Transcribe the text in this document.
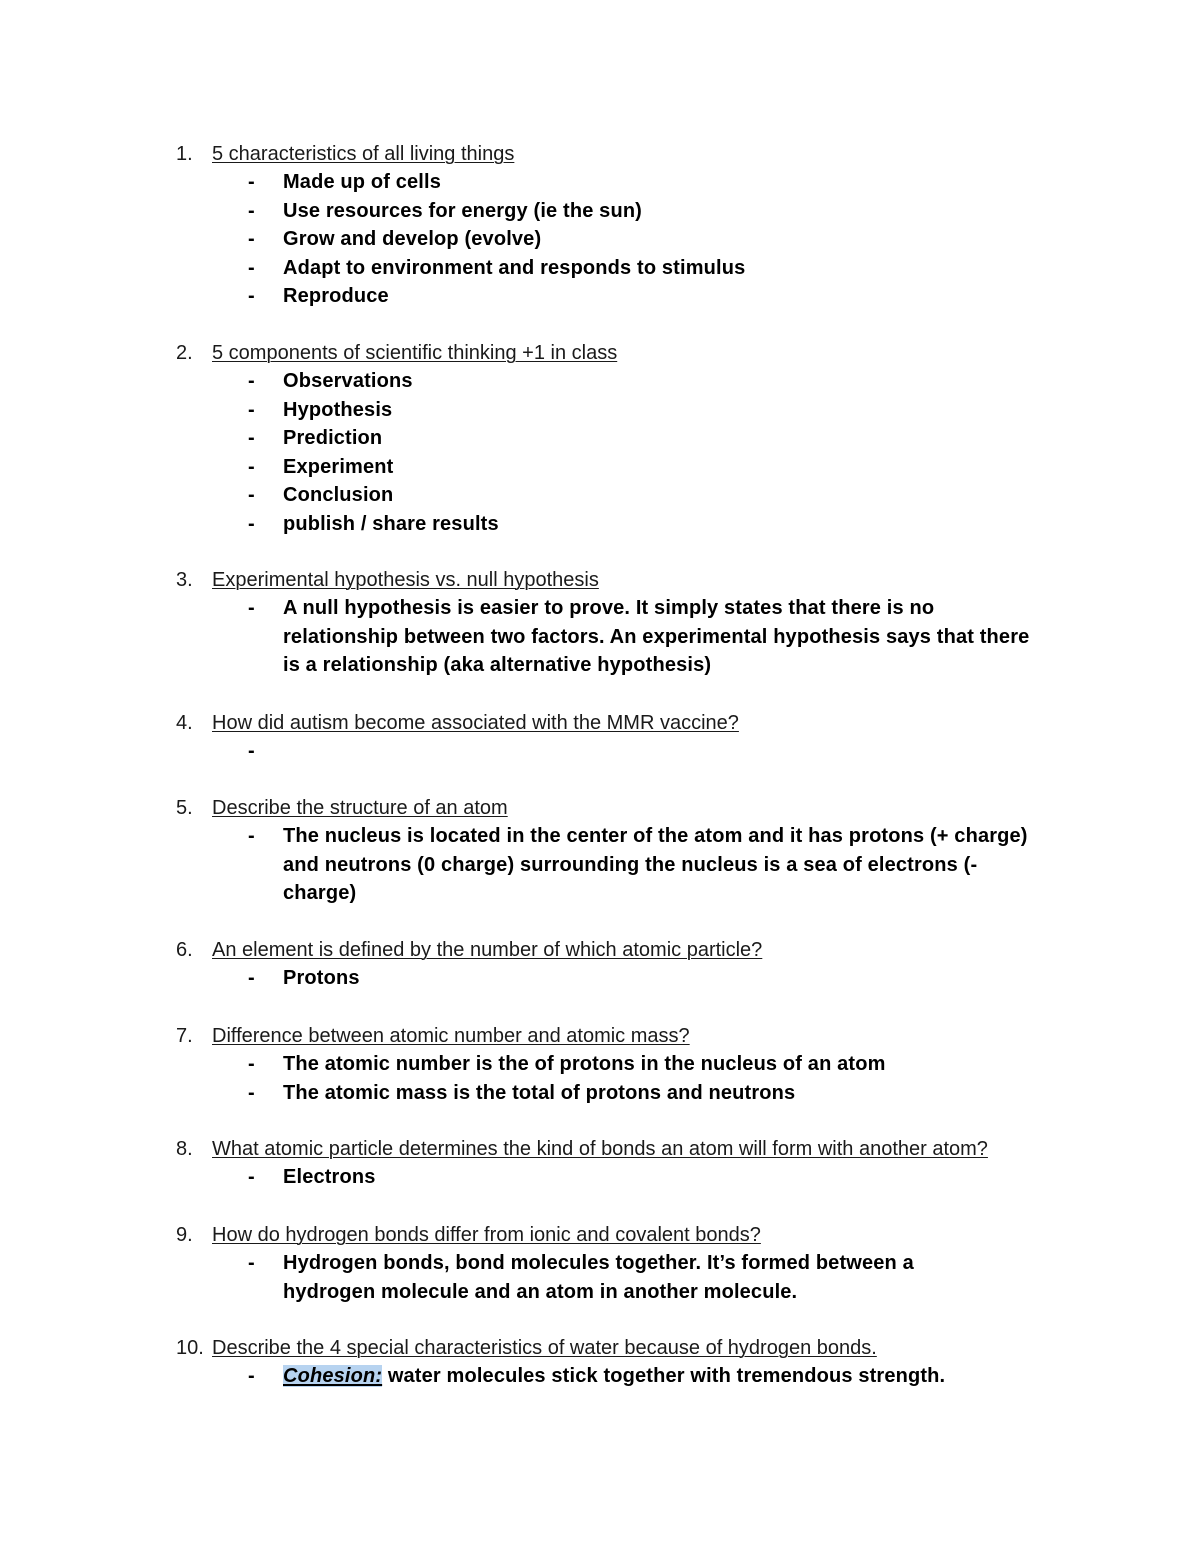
1. 5 characteristics of all living things
- Made up of cells
- Use resources for energy (ie the sun)
- Grow and develop (evolve)
- Adapt to environment and responds to stimulus
- Reproduce
2. 5 components of scientific thinking +1 in class
- Observations
- Hypothesis
- Prediction
- Experiment
- Conclusion
- publish / share results
3. Experimental hypothesis vs. null hypothesis
- A null hypothesis is easier to prove. It simply states that there is no relationship between two factors. An experimental hypothesis says that there is a relationship (aka alternative hypothesis)
4. How did autism become associated with the MMR vaccine?
-

5. Describe the structure of an atom
- The nucleus is located in the center of the atom and it has protons (+ charge) and neutrons (0 charge) surrounding the nucleus is a sea of electrons (-charge)
6. An element is defined by the number of which atomic particle?
- Protons
7. Difference between atomic number and atomic mass?
- The atomic number is the of protons in the nucleus of an atom
- The atomic mass is the total of protons and neutrons
8. What atomic particle determines the kind of bonds an atom will form with another atom?
- Electrons
9. How do hydrogen bonds differ from ionic and covalent bonds?
- Hydrogen bonds, bond molecules together. It’s formed between a hydrogen molecule and an atom in another molecule.
10. Describe the 4 special characteristics of water because of hydrogen bonds.
- Cohesion: water molecules stick together with tremendous strength.
